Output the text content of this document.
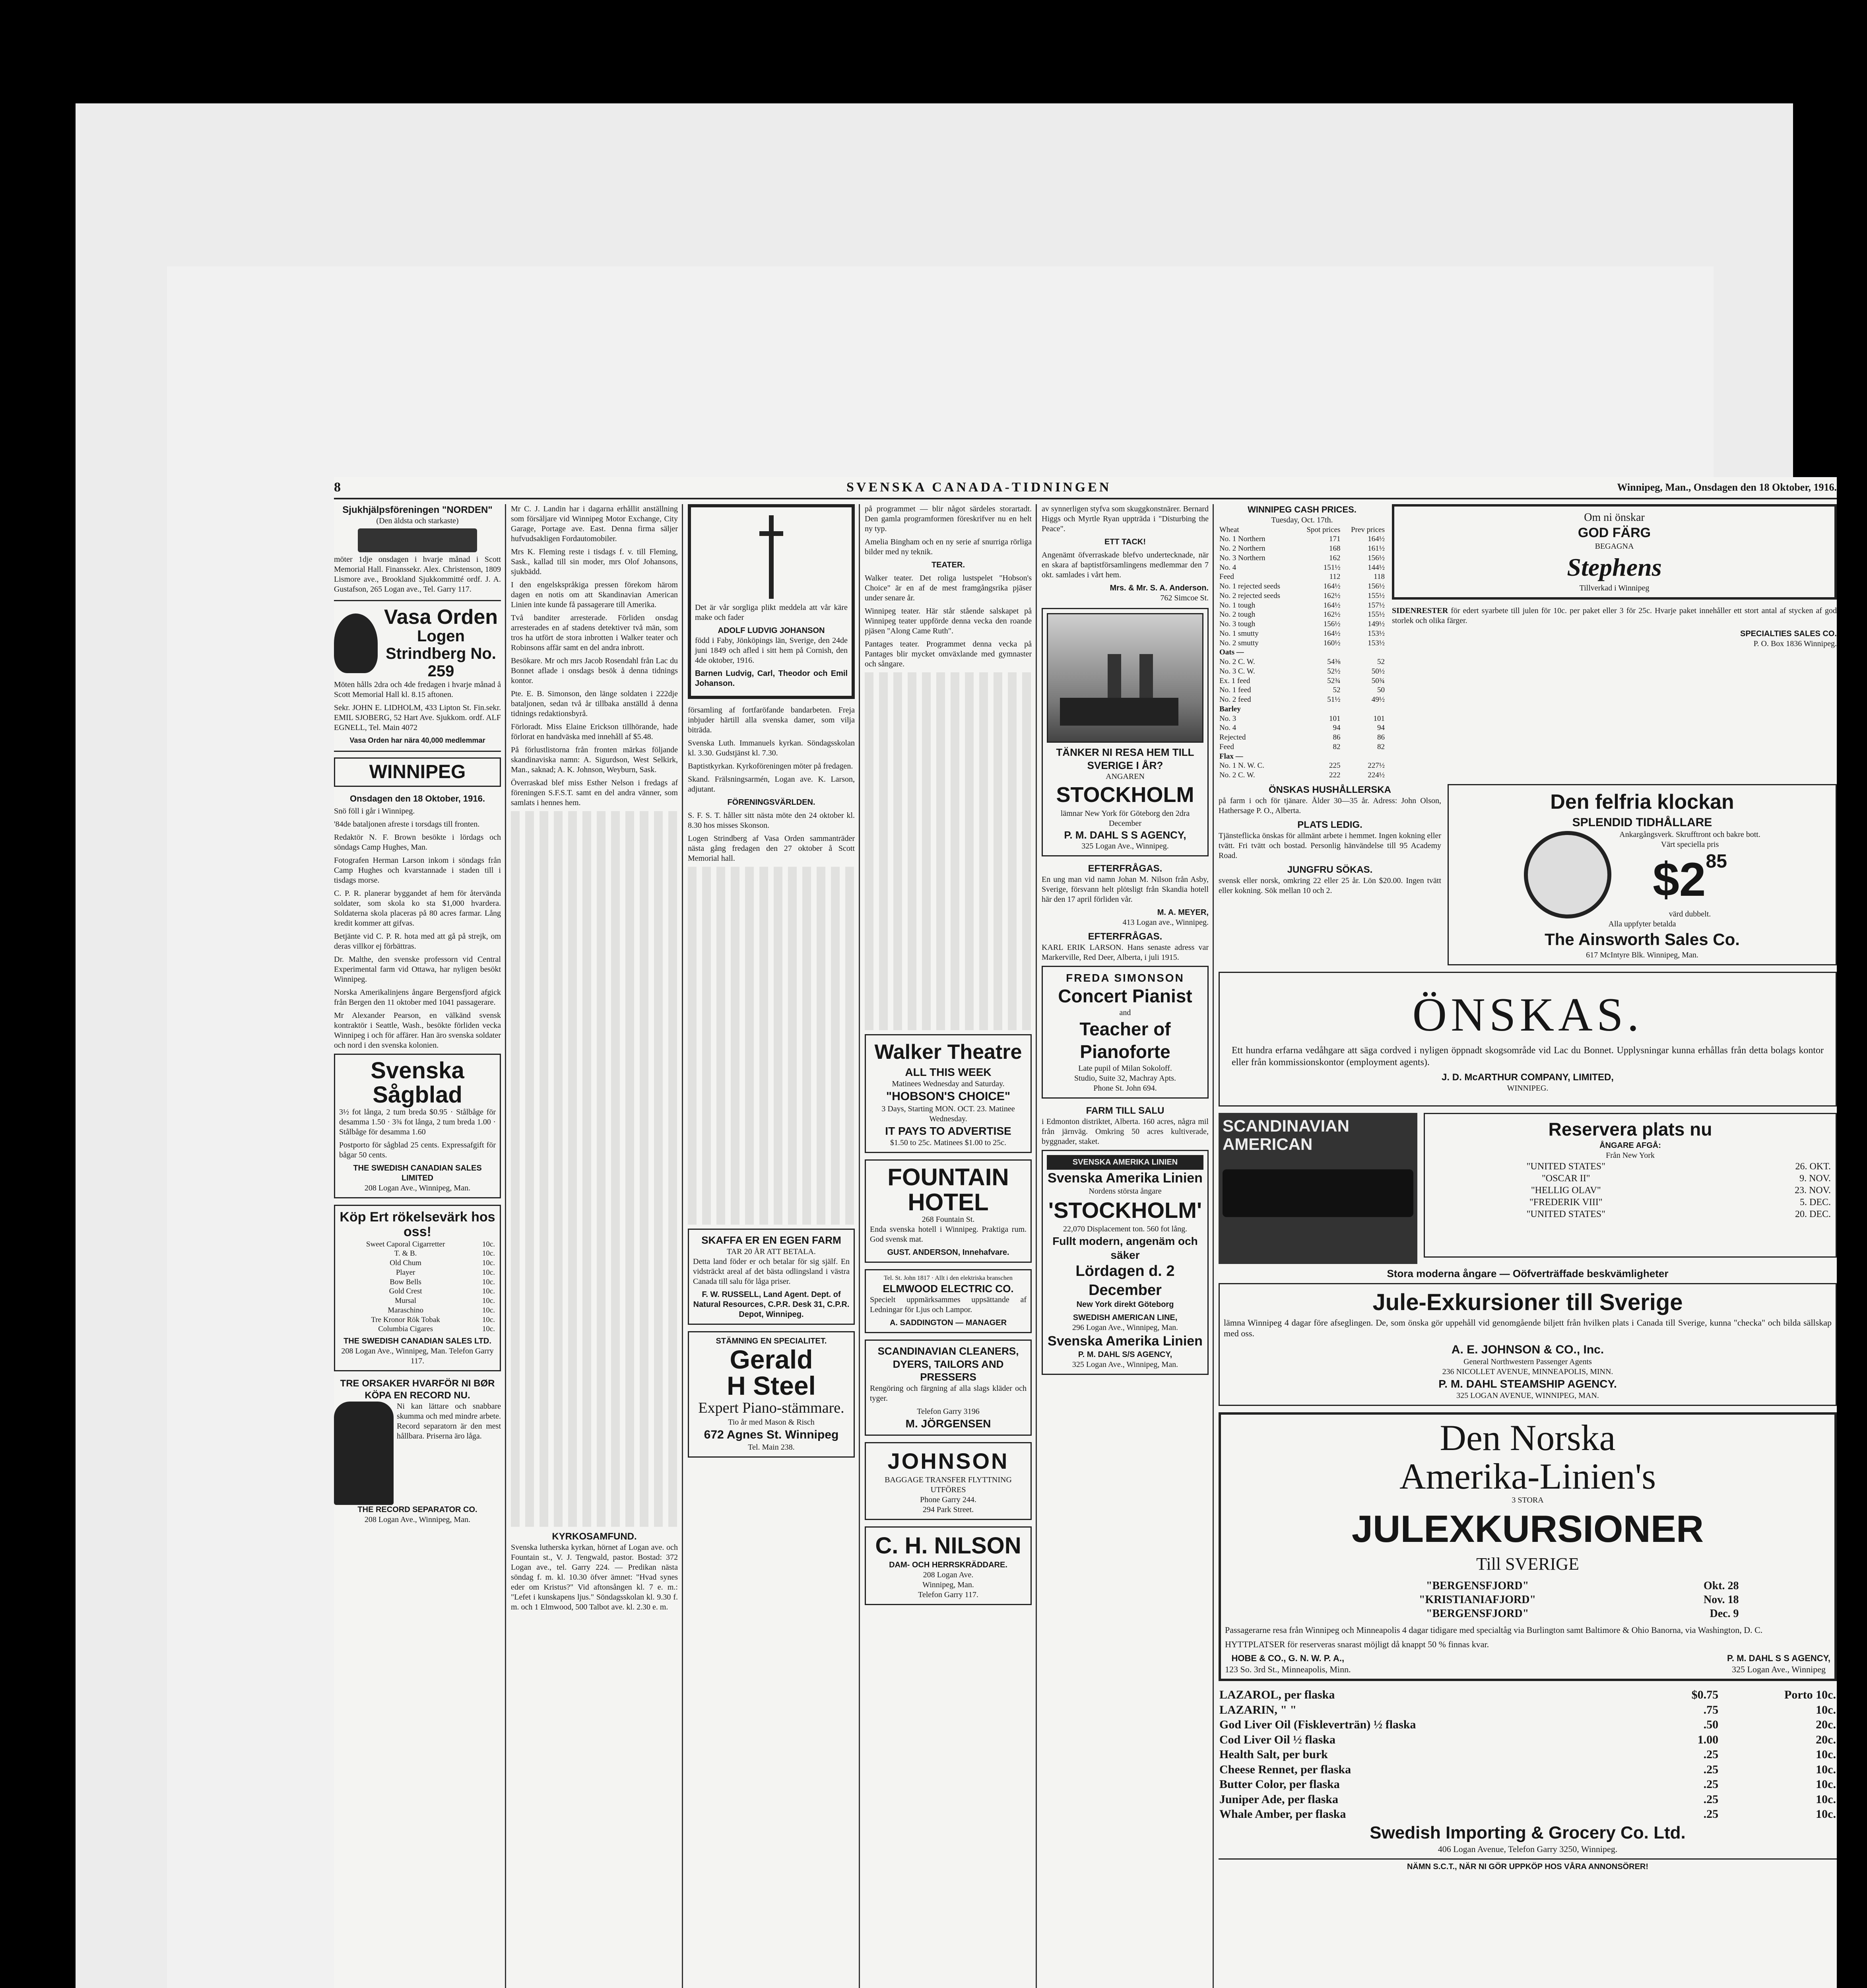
8	SVENSKA CANADA-TIDNINGEN	Winnipeg, Man., Onsdagen den 18 Oktober, 1916.
Sjukhjälpsföreningen "NORDEN"
(Den äldsta och starkaste)

möter 1dje onsdagen i hvarje månad i Scott Memorial Hall. Finanssekr. Alex. Christenson, 1809 Lismore ave., Brookland Sjukkommitté ordf. J. A. Gustafson, 265 Logan ave., Tel. Garry 117.

Vasa Orden
Logen Strindberg No. 259

Möten hålls 2dra och 4de fredagen i hvarje månad å Scott Memorial Hall kl. 8.15 aftonen.

Sekr. JOHN E. LIDHOLM, 433 Lipton St. Fin.sekr. EMIL SJOBERG, 52 Hart Ave. Sjukkom. ordf. ALF EGNELL, Tel. Main 4072

Vasa Orden har nära 40,000 medlemmar
WINNIPEG
Onsdagen den 18 Oktober, 1916.

Snö föll i går i Winnipeg.

'84de bataljonen afreste i torsdags till fronten.

Redaktör N. F. Brown besökte i lördags och söndags Camp Hughes, Man.

Fotografen Herman Larson inkom i söndags från Camp Hughes och kvarstannade i staden till i tisdags morse.

C. P. R. planerar byggandet af hem för återvända soldater, som skola ko sta $1,000 hvardera. Soldaterna skola placeras på 80 acres farmar. Lång kredit kommer att gifvas.

Betjänte vid C. P. R. hota med att gå på strejk, om deras villkor ej förbättras.

Dr. Malthe, den svenske professorn vid Central Experimental farm vid Ottawa, har nyligen besökt Winnipeg.

Norska Amerikalinjens ångare Bergensfjord afgick från Bergen den 11 oktober med 1041 passagerare.

Mr Alexander Pearson, en välkänd svensk kontraktör i Seattle, Wash., besökte förliden vecka Winnipeg i och för affärer. Han äro svenska soldater och nord i den svenska kolonien.

Svenska Sågblad

3½ fot långa, 2 tum breda $0.95 · Stålbåge för desamma 1.50 · 3¾ fot långa, 2 tum breda 1.00 · Stålbåge för desamma 1.60

Postporto för sågblad 25 cents. Expressafgift för bågar 50 cents.

THE SWEDISH CANADIAN SALES LIMITED
208 Logan Ave., Winnipeg, Man.
Köp Ert rökelsevärk hos oss!
Sweet Caporal Cigarretter	10c.
T. & B.	10c.
Old Chum	10c.
Player	10c.
Bow Bells	10c.
Gold Crest	10c.
Mursal	10c.
Maraschino	10c.
Tre Kronor Rök Tobak	10c.
Columbia Cigares	10c.
THE SWEDISH CANADIAN SALES LTD.
208 Logan Ave., Winnipeg, Man. Telefon Garry 117.
TRE ORSAKER HVARFÖR NI BØR KÖPA EN RECORD NU.

Ni kan lättare och snabbare skumma och med mindre arbete. Record separatorn är den mest hållbara. Priserna äro låga.

THE RECORD SEPARATOR CO.
208 Logan Ave., Winnipeg, Man.

Mr C. J. Landin har i dagarna erhållit anställning som försäljare vid Winnipeg Motor Exchange, City Garage, Portage ave. East. Denna firma säljer hufvudsakligen Fordautomobiler.

Mrs K. Fleming reste i tisdags f. v. till Fleming, Sask., kallad till sin moder, mrs Olof Johansons, sjukbädd.

I den engelskspråkiga pressen förekom härom dagen en notis om att Skandinavian American Linien inte kunde få passagerare till Amerika.

Två banditer arresterade. Förliden onsdag arresterades en af stadens detektiver två män, som tros ha utfört de stora inbrotten i Walker teater och Robinsons affär samt en del andra inbrott.

Besökare. Mr och mrs Jacob Rosendahl från Lac du Bonnet aflade i onsdags besök å denna tidnings kontor.

Pte. E. B. Simonson, den länge soldaten i 222dje bataljonen, sedan två år tillbaka anställd å denna tidnings redaktionsbyrå.

Förloradt. Miss Elaine Erickson tillhörande, hade förlorat en handväska med innehåll af $5.48.

På förlustlistorna från fronten märkas följande skandinaviska namn: A. Sigurdson, West Selkirk, Man., saknad; A. K. Johnson, Weyburn, Sask.

Överraskad blef miss Esther Nelson i fredags af föreningen S.F.S.T. samt en del andra vänner, som samlats i hennes hem.

KYRKOSAMFUND.

Svenska lutherska kyrkan, hörnet af Logan ave. och Fountain st., V. J. Tengwald, pastor. Bostad: 372 Logan ave., tel. Garry 224. — Predikan nästa söndag f. m. kl. 10.30 öfver ämnet: "Hvad synes eder om Kristus?" Vid aftonsången kl. 7 e. m.: "Lefet i kunskapens ljus." Söndagsskolan kl. 9.30 f. m. och 1 Elmwood, 500 Talbot ave. kl. 2.30 e. m.

Det är vår sorgliga plikt meddela att vår käre make och fader

ADOLF LUDVIG JOHANSON

född i Faby, Jönköpings län, Sverige, den 24de juni 1849 och afled i sitt hem på Cornish, den 4de oktober, 1916.

Barnen Ludvig, Carl, Theodor och Emil Johanson.

församling af fortfaröfande bandarbeten. Freja inbjuder härtill alla svenska damer, som vilja biträda.

Svenska Luth. Immanuels kyrkan. Söndagsskolan kl. 3.30. Gudstjänst kl. 7.30.

Baptistkyrkan. Kyrkoföreningen möter på fredagen.

Skand. Frälsningsarmén, Logan ave. K. Larson, adjutant.

FÖRENINGSVÄRLDEN.

S. F. S. T. håller sitt nästa möte den 24 oktober kl. 8.30 hos misses Skonson.

Logen Strindberg af Vasa Orden sammanträder nästa gång fredagen den 27 oktober å Scott Memorial hall.

SKAFFA ER EN EGEN FARM
TAR 20 ÅR ATT BETALA.

Detta land föder er och betalar för sig själf. En vidsträckt areal af det bästa odlingsland i västra Canada till salu för låga priser.

F. W. RUSSELL, Land Agent. Dept. of Natural Resources, C.P.R. Desk 31, C.P.R. Depot, Winnipeg.
STÄMNING EN SPECIALITET.
Gerald
H Steel
Expert Piano-stämmare.
Tio år med Mason & Risch
672 Agnes St. Winnipeg
Tel. Main 238.

på programmet — blir något särdeles storartadt. Den gamla programformen föreskrifver nu en helt ny typ.

Amelia Bingham och en ny serie af snurriga rörliga bilder med ny teknik.

TEATER.

Walker teater. Det roliga lustspelet "Hobson's Choice" är en af de mest framgångsrika pjäser under senare år.

Winnipeg teater. Här står stående salskapet på Winnipeg teater uppförde denna vecka den roande pjäsen "Along Came Ruth".

Pantages teater. Programmet denna vecka på Pantages blir mycket omväxlande med gymnaster och sångare.

Walker Theatre
ALL THIS WEEK
Matinees Wednesday and Saturday.
"HOBSON'S CHOICE"
3 Days, Starting MON. OCT. 23. Matinee Wednesday.
IT PAYS TO ADVERTISE
$1.50 to 25c. Matinees $1.00 to 25c.
FOUNTAIN HOTEL
268 Fountain St.

Enda svenska hotell i Winnipeg. Praktiga rum. God svensk mat.

GUST. ANDERSON, Innehafvare.
Tel. St. John 1817 · Allt i den elektriska branschen
ELMWOOD ELECTRIC CO.

Specielt uppmärksammes uppsättande af Ledningar för Ljus och Lampor.

A. SADDINGTON — MANAGER
SCANDINAVIAN CLEANERS, DYERS, TAILORS AND PRESSERS

Rengöring och färgning af alla slags kläder och tyger.

Telefon Garry 3196
M. JÖRGENSEN
JOHNSON
BAGGAGE TRANSFER FLYTTNING UTFÖRES
Phone Garry 244.
294 Park Street.
C. H. NILSON
DAM- OCH HERRSKRÄDDARE.
208 Logan Ave.
Winnipeg, Man.
Telefon Garry 117.

av synnerligen styfva som skuggkonstnärer. Bernard Higgs och Myrtle Ryan uppträda i "Disturbing the Peace".

ETT TACK!

Angenämt öfverraskade blefvo undertecknade, när en skara af baptistförsamlingens medlemmar den 7 okt. samlades i vårt hem.

Mrs. & Mr. S. A. Anderson.
762 Simcoe St.
TÄNKER NI RESA HEM TILL SVERIGE I ÅR?
ANGAREN
STOCKHOLM
lämnar New York för Göteborg den 2dra December
P. M. DAHL S S AGENCY,
325 Logan Ave., Winnipeg.
EFTERFRÅGAS.

En ung man vid namn Johan M. Nilson från Asby, Sverige, försvann helt plötsligt från Skandia hotell här den 17 april förliden vår.

M. A. MEYER,
413 Logan ave., Winnipeg.
EFTERFRÅGAS.

KARL ERIK LARSON. Hans senaste adress var Markerville, Red Deer, Alberta, i juli 1915.

FREDA SIMONSON
Concert Pianist
and
Teacher of Pianoforte
Late pupil of Milan Sokoloff.
Studio, Suite 32, Machray Apts.
Phone St. John 694.
FARM TILL SALU

i Edmonton distriktet, Alberta. 160 acres, några mil från järnväg. Omkring 50 acres kultiverade, byggnader, staket.

SVENSKA AMERIKA LINIEN
Svenska Amerika Linien
Nordens största ångare
'STOCKHOLM'
22,070 Displacement ton. 560 fot lång.
Fullt modern, angenäm och säker
Lördagen d. 2 December
New York direkt Göteborg
SWEDISH AMERICAN LINE,
296 Logan Ave., Winnipeg, Man.
Svenska Amerika Linien
P. M. DAHL S/S AGENCY,
325 Logan Ave., Winnipeg, Man.
WINNIPEG CASH PRICES.
Tuesday, Oct. 17th.
Wheat	Spot prices	Prev prices
No. 1 Northern	171	164½
No. 2 Northern	168	161½
No. 3 Northern	162	156½
No. 4	151½	144½
Feed	112	118
No. 1 rejected seeds	164½	156½
No. 2 rejected seeds	162½	155½
No. 1 tough	164½	157½
No. 2 tough	162½	155½
No. 3 tough	156½	149½
No. 1 smutty	164½	153½
No. 2 smutty	160½	153½
Oats —		
No. 2 C. W.	54⅜	52
No. 3 C. W.	52½	50½
Ex. 1 feed	52¾	50¾
No. 1 feed	52	50
No. 2 feed	51½	49½
Barley		
No. 3	101	101
No. 4	94	94
Rejected	86	86
Feed	82	82
Flax —		
No. 1 N. W. C.	225	227½
No. 2 C. W.	222	224½
Om ni önskar
GOD FÄRG
BEGAGNA
Stephens
Tillverkad i Winnipeg

SIDENRESTER för edert syarbete till julen för 10c. per paket eller 3 för 25c. Hvarje paket innehåller ett stort antal af stycken af god storlek och olika färger.

SPECIALTIES SALES CO.
P. O. Box 1836 Winnipeg.
ÖNSKAS HUSHÅLLERSKA

på farm i och för tjänare. Ålder 30—35 år. Adress: John Olson, Hathersage P. O., Alberta.

PLATS LEDIG.

Tjänsteflicka önskas för allmänt arbete i hemmet. Ingen kokning eller tvätt. Fri tvätt och bostad. Personlig hänvändelse till 95 Academy Road.

JUNGFRU SÖKAS.

svensk eller norsk, omkring 22 eller 25 år. Lön $20.00. Ingen tvätt eller kokning. Sök mellan 10 och 2.

Den felfria klockan
SPLENDID TIDHÅLLARE
Ankargångsverk. Skrufftront och bakre bott.
Värt speciella pris
$285
värd dubbelt.
Alla uppfyter betalda
The Ainsworth Sales Co.
617 McIntyre Blk. Winnipeg, Man.
ÖNSKAS.

Ett hundra erfarna vedåhgare att säga cordved i nyligen öppnadt skogsområde vid Lac du Bonnet. Upplysningar kunna erhållas från detta bolags kontor eller från kommissionskontor (employment agents).

J. D. McARTHUR COMPANY, LIMITED,
WINNIPEG.
SCANDINAVIAN AMERICAN
Reservera plats nu
ÅNGARE AFGÅ:
Från New York
"UNITED STATES"	26. OKT.
"OSCAR II"	9. NOV.
"HELLIG OLAV"	23. NOV.
"FREDERIK VIII"	5. DEC.
"UNITED STATES"	20. DEC.
Stora moderna ångare — Oöfverträffade beskvämligheter
Jule-Exkursioner till Sverige

lämna Winnipeg 4 dagar före afseglingen. De, som önska gör uppehåll vid genomgående biljett från hvilken plats i Canada till Sverige, kunna "checka" och bilda sällskap med oss.

A. E. JOHNSON & CO., Inc.
General Northwestern Passenger Agents
236 NICOLLET AVENUE, MINNEAPOLIS, MINN.
P. M. DAHL STEAMSHIP AGENCY.
325 LOGAN AVENUE, WINNIPEG, MAN.
Den Norska
Amerika-Linien's
3 STORA
JULEXKURSIONER
Till SVERIGE
"BERGENSFJORD"	Okt. 28
"KRISTIANIAFJORD"	Nov. 18
"BERGENSFJORD"	Dec. 9

Passagerarne resa från Winnipeg och Minneapolis 4 dagar tidigare med specialtåg via Burlington samt Baltimore & Ohio Banorna, via Washington, D. C.

HYTTPLATSER för reserveras snarast möjligt då knappt 50 % finnas kvar.

HOBE & CO., G. N. W. P. A.,
123 So. 3rd St., Minneapolis, Minn.
P. M. DAHL S S AGENCY,
325 Logan Ave., Winnipeg
LAZAROL, per flaska	$0.75	Porto 10c.
LAZARIN, " "	.75	10c.
God Liver Oil (Fiskleverträn) ½ flaska	.50	20c.
Cod Liver Oil ½ flaska	1.00	20c.
Health Salt, per burk	.25	10c.
Cheese Rennet, per flaska	.25	10c.
Butter Color, per flaska	.25	10c.
Juniper Ade, per flaska	.25	10c.
Whale Amber, per flaska	.25	10c.
Swedish Importing & Grocery Co. Ltd.
406 Logan Avenue, Telefon Garry 3250, Winnipeg.
NÄMN S.C.T., NÄR NI GÖR UPPKÖP HOS VÅRA ANNONSÖRER!
